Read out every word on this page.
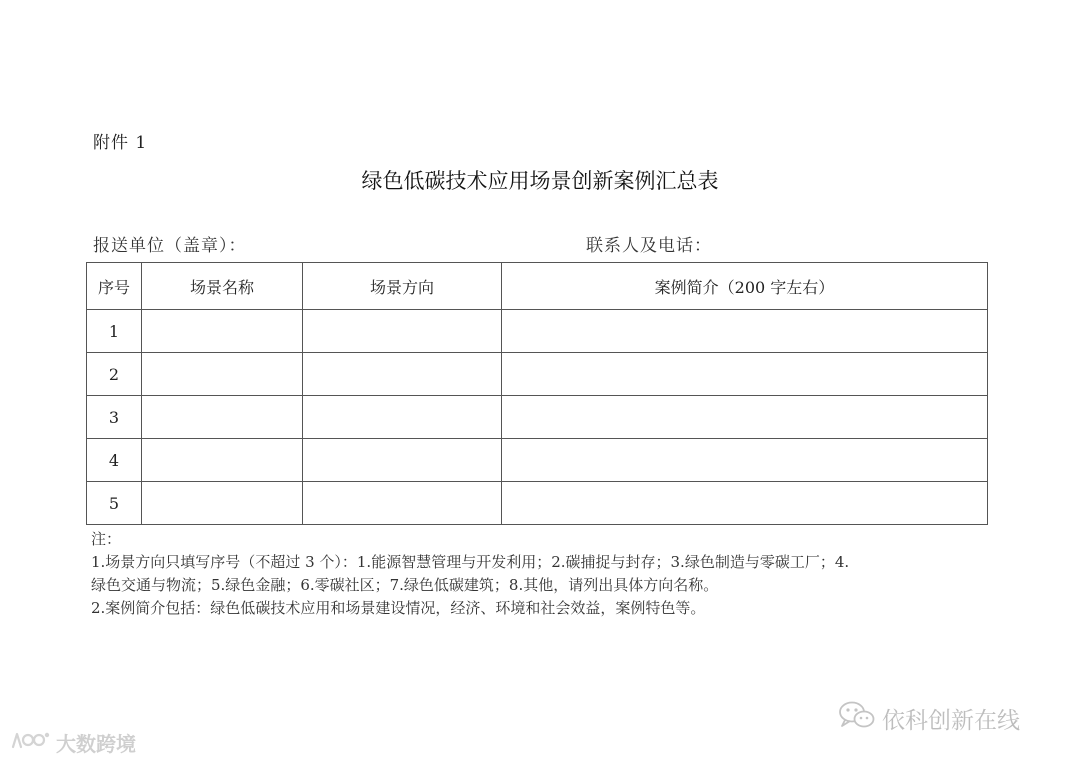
附件 1
绿色低碳技术应用场景创新案例汇总表
报送单位（盖章）：	联系人及电话：
序号	场景名称	场景方向	案例简介（200 字左右）
1			
2			
3			
4			
5			

注：

1.场景方向只填写序号（不超过 3 个）：1.能源智慧管理与开发利用；2.碳捕捉与封存；3.绿色制造与零碳工厂；4.

绿色交通与物流；5.绿色金融；6.零碳社区；7.绿色低碳建筑；8.其他，请列出具体方向名称。

2.案例简介包括：绿色低碳技术应用和场景建设情况，经济、环境和社会效益，案例特色等。

大数跨境
依科创新在线
